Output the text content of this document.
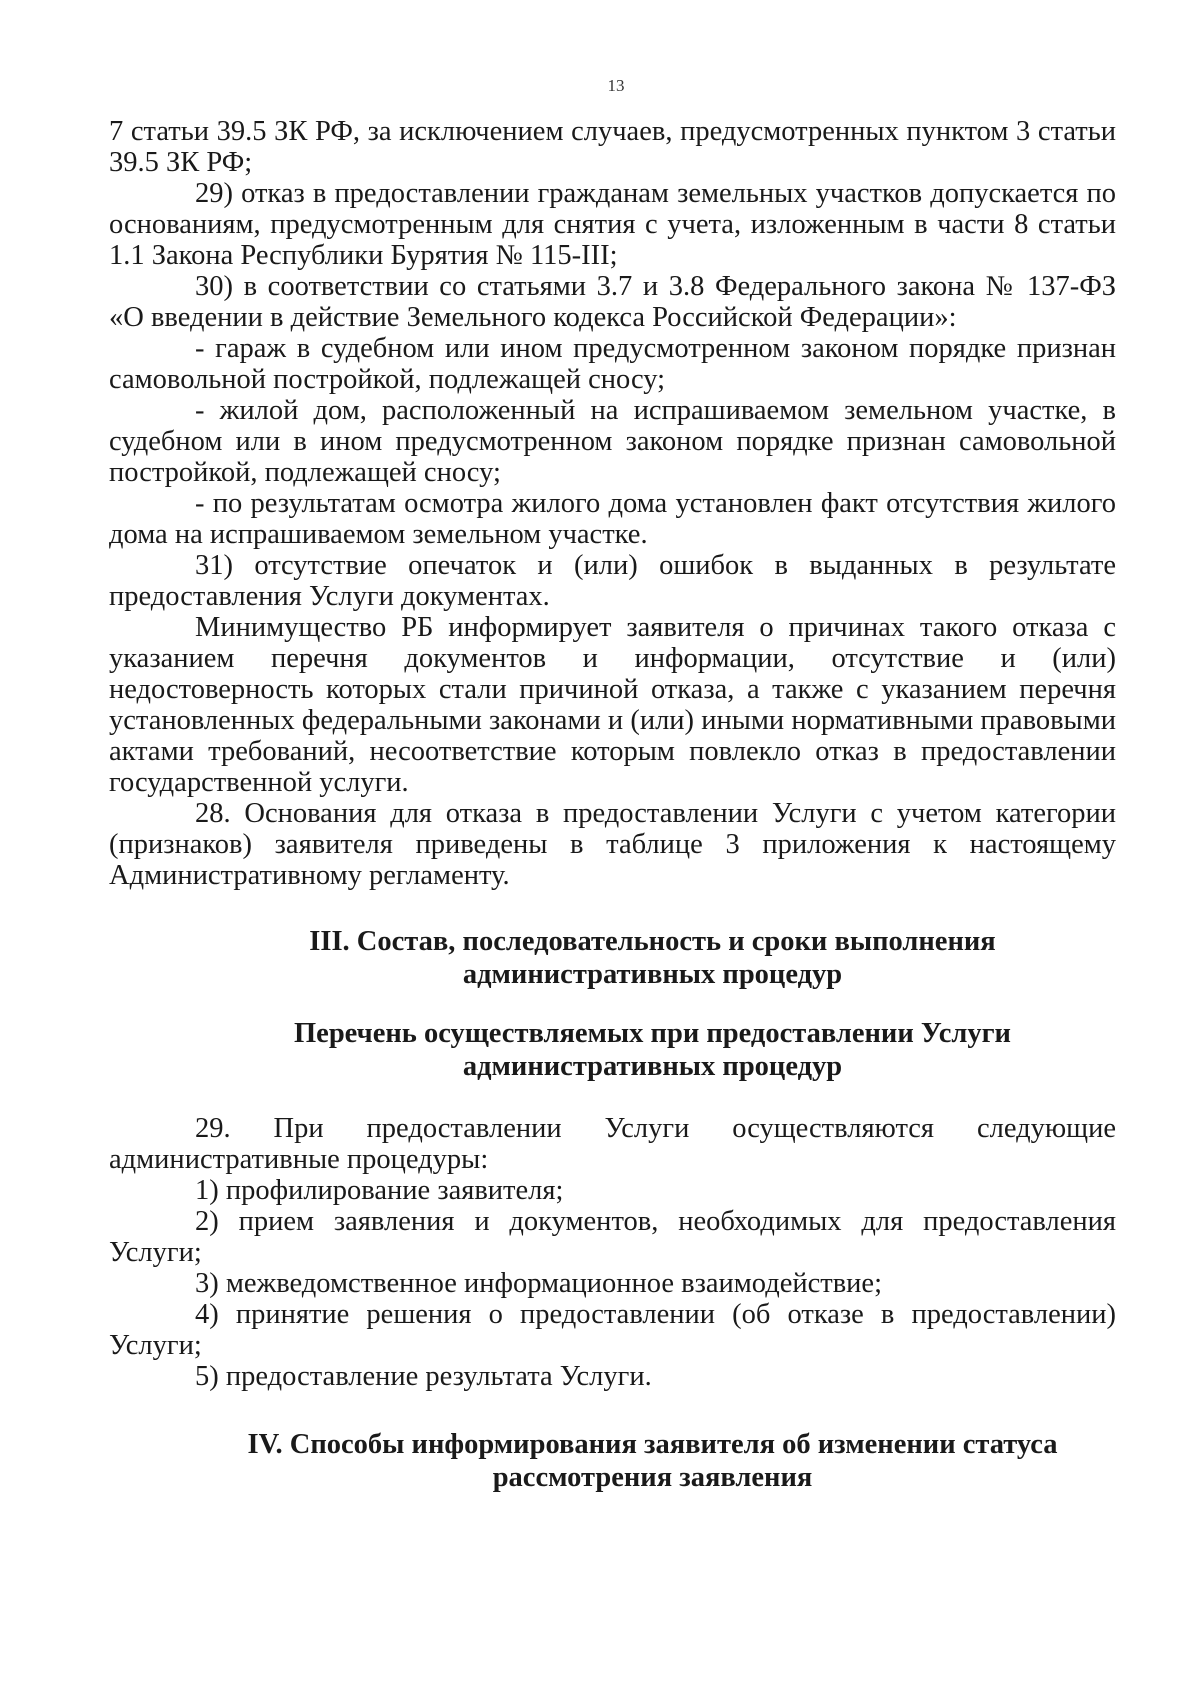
13

7 статьи 39.5 ЗК РФ, за исключением случаев, предусмотренных пунктом 3 статьи 39.5 ЗК РФ;

29) отказ в предоставлении гражданам земельных участков допускается по основаниям, предусмотренным для снятия с учета, изложенным в части 8 статьи 1.1 Закона Республики Бурятия № 115-III;

30) в соответствии со статьями 3.7 и 3.8 Федерального закона № 137-ФЗ «О введении в действие Земельного кодекса Российской Федерации»:

- гараж в судебном или ином предусмотренном законом порядке признан самовольной постройкой, подлежащей сносу;

- жилой дом, расположенный на испрашиваемом земельном участке, в судебном или в ином предусмотренном законом порядке признан самовольной постройкой, подлежащей сносу;

- по результатам осмотра жилого дома установлен факт отсутствия жилого дома на испрашиваемом земельном участке.

31) отсутствие опечаток и (или) ошибок в выданных в результате предоставления Услуги документах.

Минимущество РБ информирует заявителя о причинах такого отказа с указанием перечня документов и информации, отсутствие и (или) недостоверность которых стали причиной отказа, а также с указанием перечня установленных федеральными законами и (или) иными нормативными правовыми актами требований, несоответствие которым повлекло отказ в предоставлении государственной услуги.

28. Основания для отказа в предоставлении Услуги с учетом категории (признаков) заявителя приведены в таблице 3 приложения к настоящему Административному регламенту.

III. Состав, последовательность и сроки выполнения
административных процедур
Перечень осуществляемых при предоставлении Услуги
административных процедур

29. При предоставлении Услуги осуществляются следующие административные процедуры:

1) профилирование заявителя;

2) прием заявления и документов, необходимых для предоставления Услуги;

3) межведомственное информационное взаимодействие;

4) принятие решения о предоставлении (об отказе в предоставлении) Услуги;

5) предоставление результата Услуги.

IV. Способы информирования заявителя об изменении статуса
рассмотрения заявления
